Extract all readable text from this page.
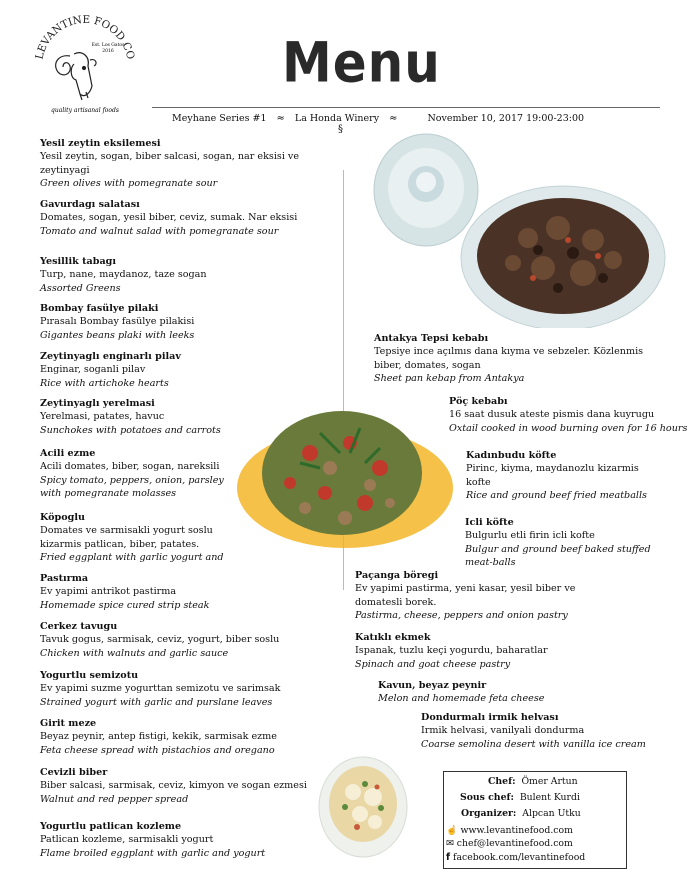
LEVANTINE FOOD CO
Est. Los Gatos
2016
quality artisanal foods
Menu
Meyhane Series #1 ≈ La Honda Winery ≈	November 10, 2017 19:00-23:00
§
Yesil zeytin eksilemesi
Yesil zeytin, sogan, biber salcasi, sogan, nar eksisi ve zeytinyagi
Green olives with pomegranate sour
Gavurdagı salatası
Domates, sogan, yesil biber, ceviz, sumak. Nar eksisi
Tomato and walnut salad with pomegranate sour
Yesillik tabagı
Turp, nane, maydanoz, taze sogan
Assorted Greens
Bombay fasülye pilaki
Pırasalı Bombay fasülye pilakisi
Gigantes beans plaki with leeks
Zeytinyaglı enginarlı pilav
Enginar, soganli pilav
Rice with artichoke hearts
Zeytinyaglı yerelmasi
Yerelmasi, patates, havuc
Sunchokes with potatoes and carrots
Acili ezme
Acili domates, biber, sogan, nareksili
Spicy tomato, peppers, onion, parsley with pomegranate molasses
Köpoglu
Domates ve sarmisakli yogurt soslu kizarmis patlican, biber, patates.
Fried eggplant with garlic yogurt and
Pastırma
Ev yapimi antrikot pastirma
Homemade spice cured strip steak
Cerkez tavugu
Tavuk gogus, sarmisak, ceviz, yogurt, biber soslu
Chicken with walnuts and garlic sauce
Yogurtlu semizotu
Ev yapimi suzme yogurttan semizotu ve sarimsak
Strained yogurt with garlic and purslane leaves
Girit meze
Beyaz peynir, antep fistigi, kekik, sarmisak ezme
Feta cheese spread with pistachios and oregano
Cevizli biber
Biber salcasi, sarmisak, ceviz, kimyon ve sogan ezmesi
Walnut and red pepper spread
Yogurtlu patlican kozleme
Patlican kozleme, sarmisakli yogurt
Flame broiled eggplant with garlic and yogurt
Antakya Tepsi kebabı
Tepsiye ince açılmıs dana kıyma ve sebzeler. Közlenmis biber, domates, sogan
Sheet pan kebap from Antakya
Pöç kebabı
16 saat dusuk ateste pismis dana kuyrugu
Oxtail cooked in wood burning oven for 16 hours
Kadınbudu köfte
Pirinc, kiyma, maydanozlu kizarmis kofte
Rice and ground beef fried meatballs
Icli köfte
Bulgurlu etli firin icli kofte
Bulgur and ground beef baked stuffed meat-balls
Paçanga böregi
Ev yapimi pastirma, yeni kasar, yesil biber ve domatesli borek.
Pastirma, cheese, peppers and onion pastry
Katıklı ekmek
Ispanak, tuzlu keçi yogurdu, baharatlar
Spinach and goat cheese pastry
Kavun, beyaz peynir
Melon and homemade feta cheese
Dondurmalı irmik helvası
Irmik helvasi, vanilyali dondurma
Coarse semolina desert with vanilla ice cream
Chef: Ömer Artun
Sous chef: Bulent Kurdi
Organizer: Alpcan Utku
☝ www.levantinefood.com
✉ chef@levantinefood.com
f facebook.com/levantinefood
